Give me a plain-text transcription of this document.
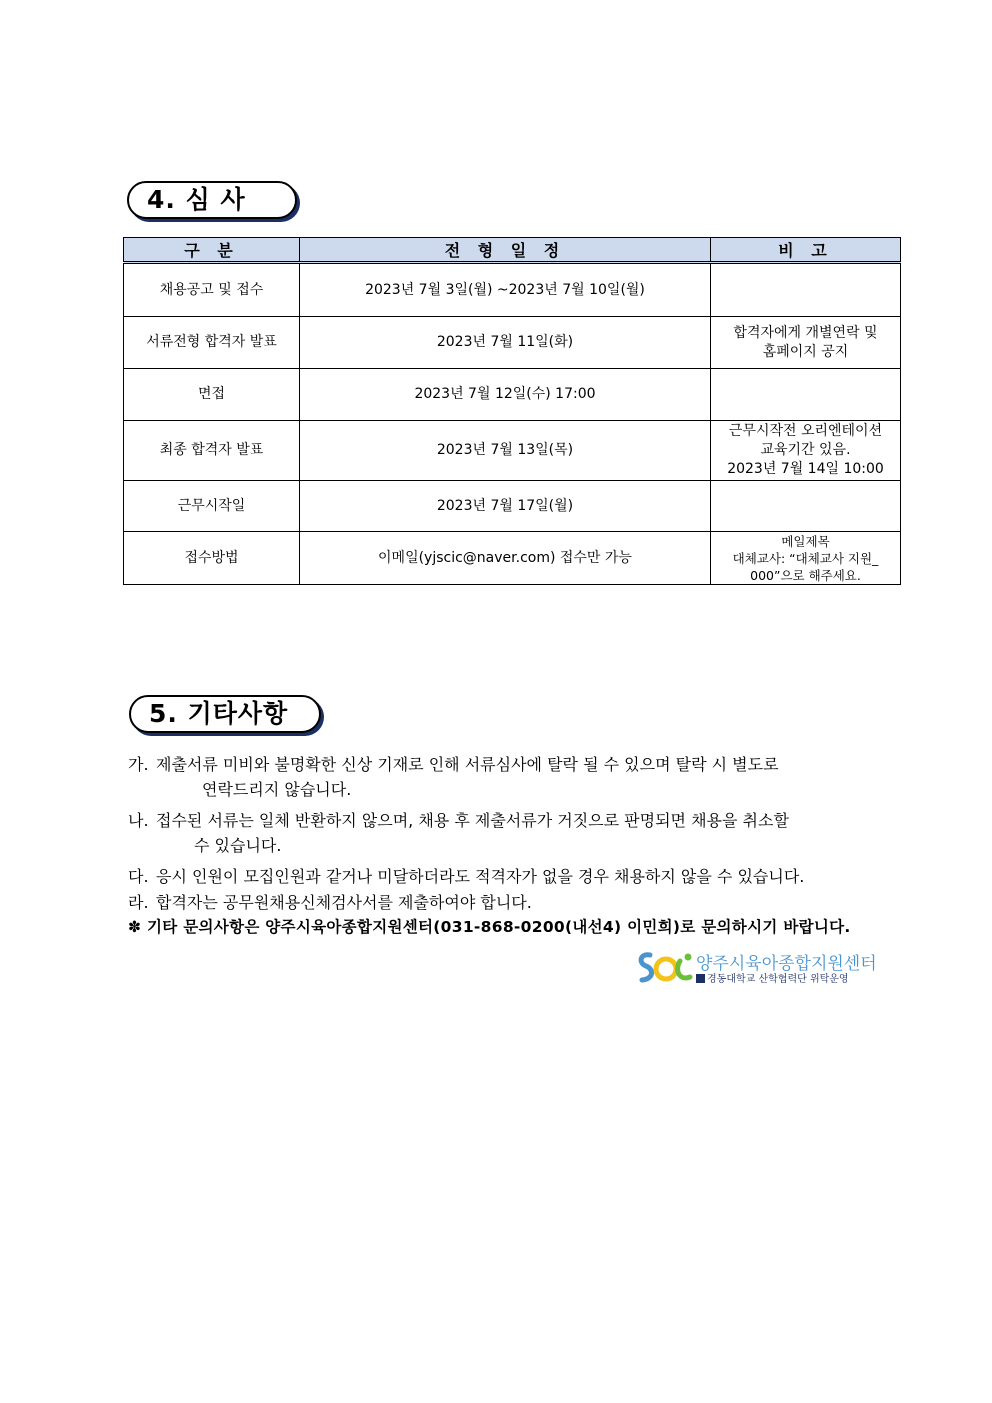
4. 심 사
구 분	전 형 일 정	비 고
채용공고 및 접수	2023년 7월 3일(월) ~2023년 7월 10일(월)	
서류전형 합격자 발표	2023년 7월 11일(화)	합격자에게 개별연락 및
홈페이지 공지

면접	2023년 7월 12일(수) 17:00	
최종 합격자 발표	2023년 7월 13일(목)	근무시작전 오리엔테이션
교육기간 있음.
2023년 7월 14일 10:00

근무시작일	2023년 7월 17일(월)	
접수방법	이메일(yjscic@naver.com) 접수만 가능	메일제목
대체교사: “대체교사 지원_
000”으로 해주세요.
5. 기타사항
가. 제출서류 미비와 불명확한 신상 기재로 인해 서류심사에 탈락 될 수 있으며 탈락 시 별도로
연락드리지 않습니다.
나. 접수된 서류는 일체 반환하지 않으며, 채용 후 제출서류가 거짓으로 판명되면 채용을 취소할
수 있습니다.
다. 응시 인원이 모집인원과 같거나 미달하더라도 적격자가 없을 경우 채용하지 않을 수 있습니다.
라. 합격자는 공무원채용신체검사서를 제출하여야 합니다.
✽ 기타 문의사항은 양주시육아종합지원센터(031-868-0200(내선4) 이민희)로 문의하시기 바랍니다.
양주시육아종합지원센터
경동대학교 산학협력단 위탁운영
